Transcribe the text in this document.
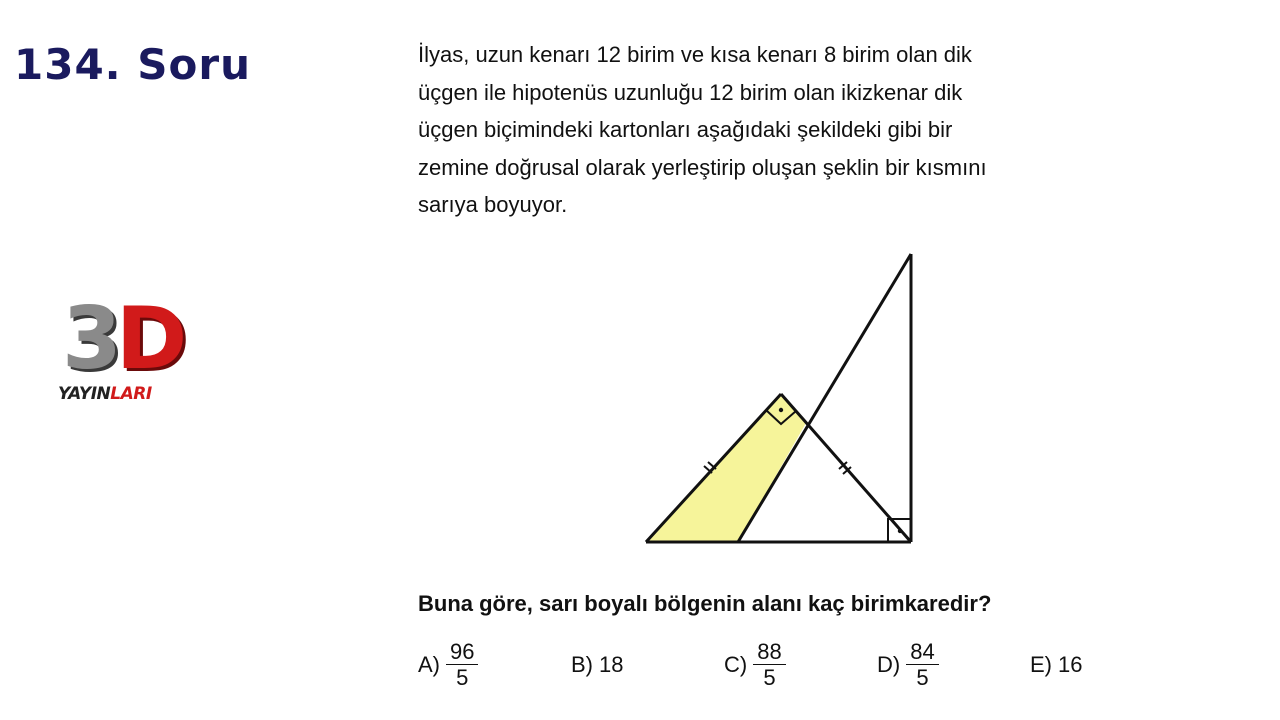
134. Soru
3D
YAYINLARI
İlyas, uzun kenarı 12 birim ve kısa kenarı 8 birim olan dik
üçgen ile hipotenüs uzunluğu 12 birim olan ikizkenar dik
üçgen biçimindeki kartonları aşağıdaki şekildeki gibi bir
zemine doğrusal olarak yerleştirip oluşan şeklin bir kısmını
sarıya boyuyor.
Buna göre, sarı boyalı bölgenin alanı kaç birimkaredir?
$A) \frac{96}{5}$	B) 18	$C) \frac{88}{5}$	$D) \frac{84}{5}$	E) 16
